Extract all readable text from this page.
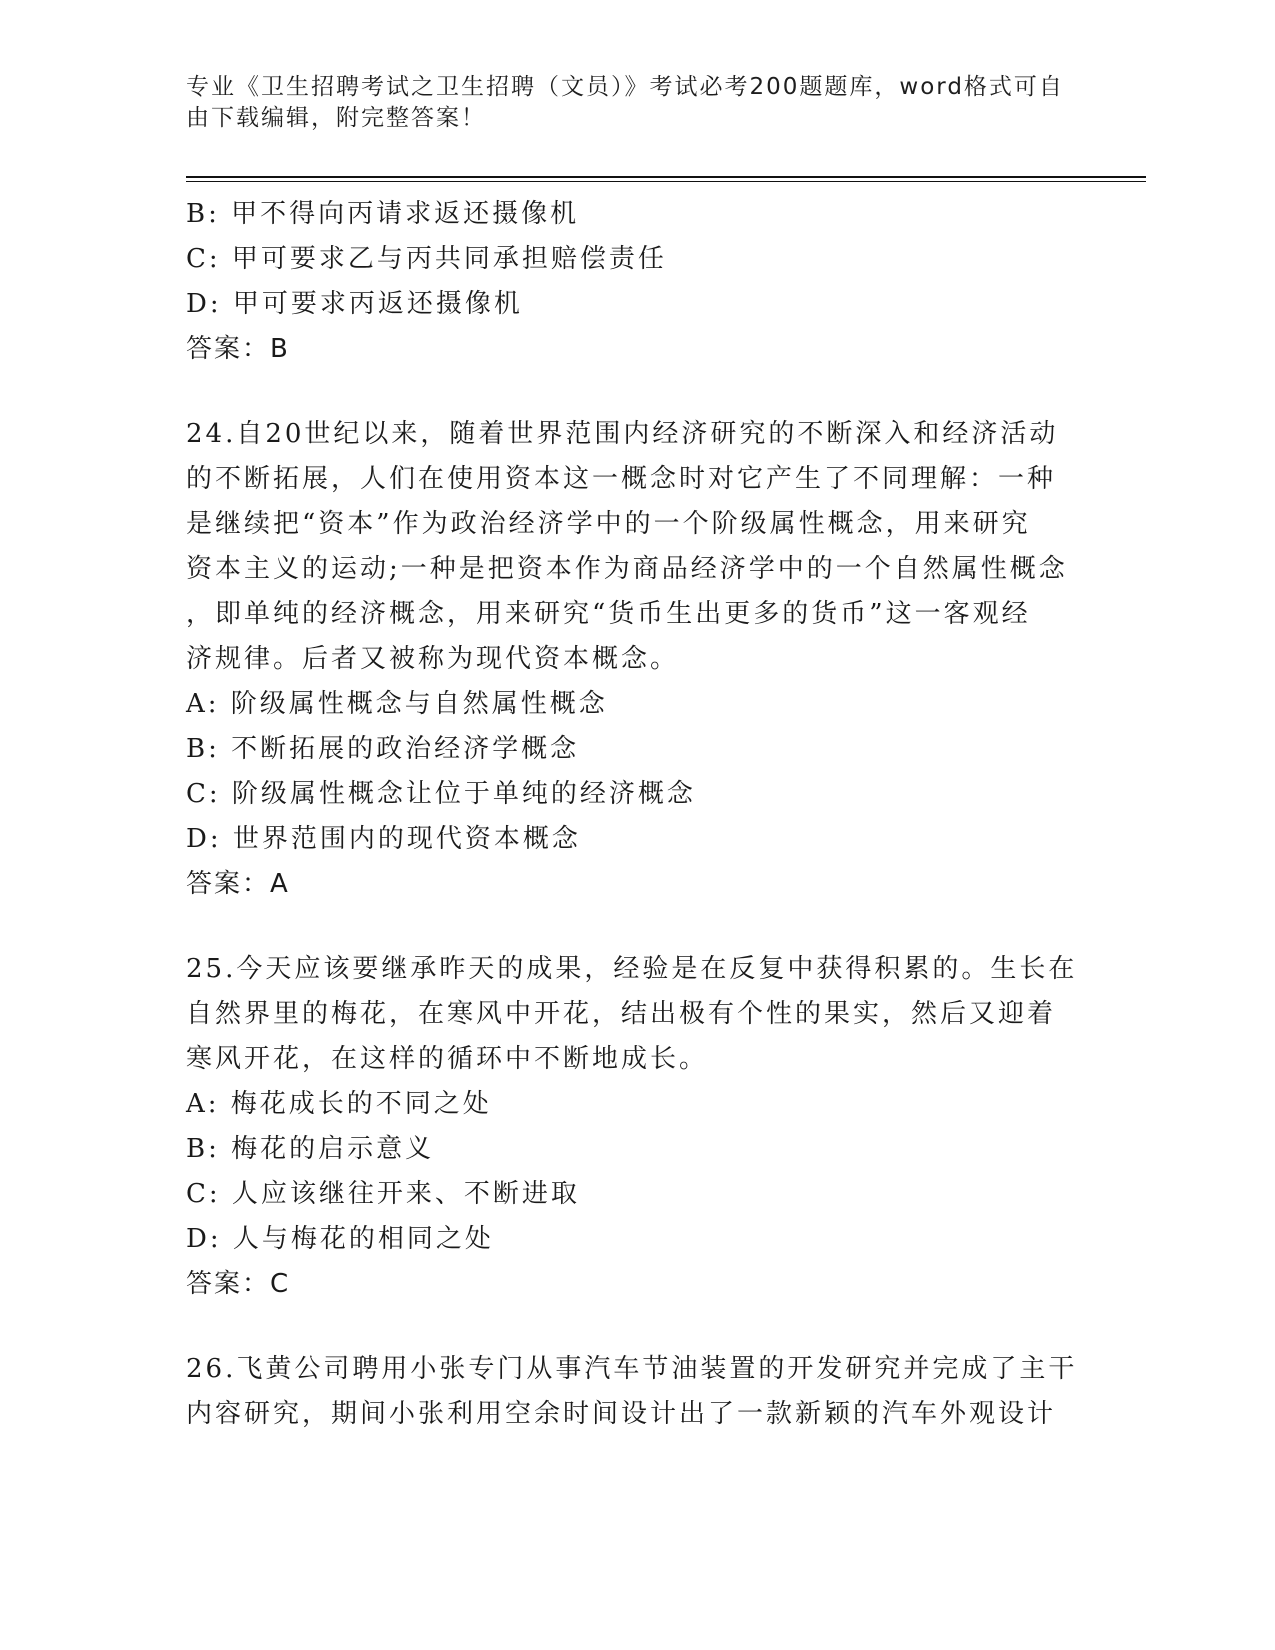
专业《卫生招聘考试之卫生招聘（文员）》考试必考200题题库，word格式可自
由下载编辑，附完整答案！
B: 甲不得向丙请求返还摄像机
C: 甲可要求乙与丙共同承担赔偿责任
D: 甲可要求丙返还摄像机
答案：B
24.自20世纪以来，随着世界范围内经济研究的不断深入和经济活动
的不断拓展，人们在使用资本这一概念时对它产生了不同理解：一种
是继续把“资本”作为政治经济学中的一个阶级属性概念，用来研究
资本主义的运动;一种是把资本作为商品经济学中的一个自然属性概念
，即单纯的经济概念，用来研究“货币生出更多的货币”这一客观经
济规律。后者又被称为现代资本概念。
A: 阶级属性概念与自然属性概念
B: 不断拓展的政治经济学概念
C: 阶级属性概念让位于单纯的经济概念
D: 世界范围内的现代资本概念
答案：A
25.今天应该要继承昨天的成果，经验是在反复中获得积累的。生长在
自然界里的梅花，在寒风中开花，结出极有个性的果实，然后又迎着
寒风开花，在这样的循环中不断地成长。
A: 梅花成长的不同之处
B: 梅花的启示意义
C: 人应该继往开来、不断进取
D: 人与梅花的相同之处
答案：C
26.飞黄公司聘用小张专门从事汽车节油装置的开发研究并完成了主干
内容研究，期间小张利用空余时间设计出了一款新颖的汽车外观设计
